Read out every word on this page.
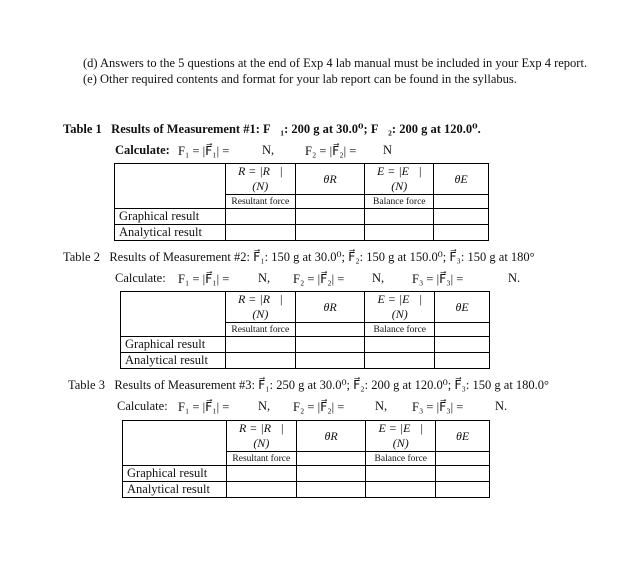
(d) Answers to the 5 questions at the end of Exp 4 lab manual must be included in your Exp 4 report.
(e) Other required contents and format for your lab report can be found in the syllabus.
Table 1 Results of Measurement #1: F⃗₁: 200 g at 30.0⁰; F⃗₂: 200 g at 120.0⁰.
Calculate: F₁ = |F⃗₁| =	N, F₂ = |F⃗₂| = N
	R = |R⃗| (N)	θR	E = |E⃗| (N)	θE
	Resultant force		Balance force	
Graphical result				
Analytical result				
Table 2 Results of Measurement #2: F⃗₁: 150 g at 30.0⁰; F⃗₂: 150 g at 150.0⁰; F⃗₃: 150 g at 180°
Calculate: F₁ = |F⃗₁| = N, F₂ = |F⃗₂| = N, F₃ = |F⃗₃| =	N.
	R = |R⃗| (N)	θR	E = |E⃗| (N)	θE
	Resultant force		Balance force	
Graphical result				
Analytical result				
Table 3 Results of Measurement #3: F⃗₁: 250 g at 30.0⁰; F⃗₂: 200 g at 120.0⁰; F⃗₃: 150 g at 180.0°
Calculate: F₁ = |F⃗₁| = N, F₂ = |F⃗₂| = N, F₃ = |F⃗₃| =	N.
	R = |R⃗| (N)	θR	E = |E⃗| (N)	θE
	Resultant force		Balance force	
Graphical result				
Analytical result				
